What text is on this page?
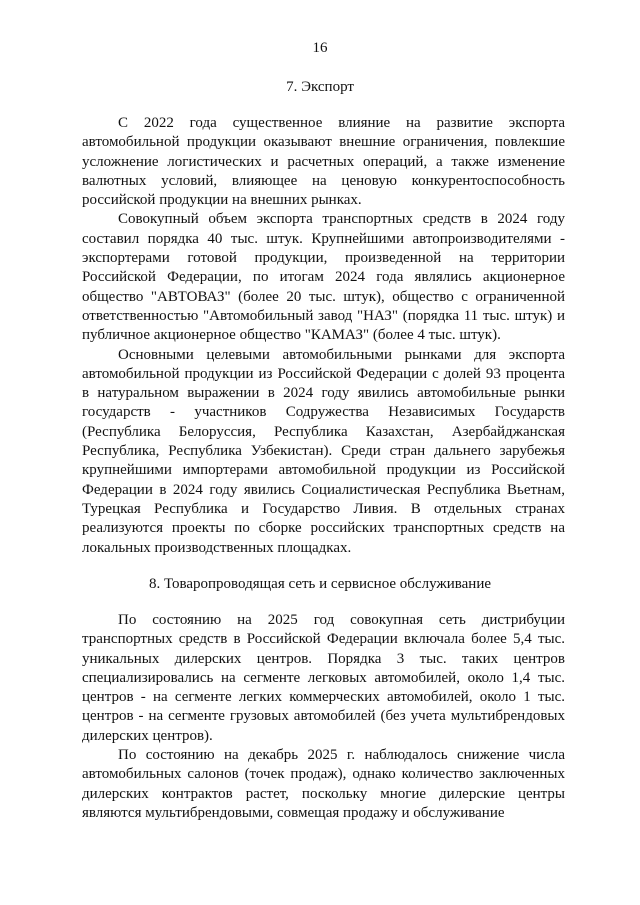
16
7. Экспорт

С 2022 года существенное влияние на развитие экспорта автомобильной продукции оказывают внешние ограничения, повлекшие усложнение логистических и расчетных операций, а также изменение валютных условий, влияющее на ценовую конкурентоспособность российской продукции на внешних рынках.

Совокупный объем экспорта транспортных средств в 2024 году составил порядка 40 тыс. штук. Крупнейшими автопроизводителями - экспортерами готовой продукции, произведенной на территории Российской Федерации, по итогам 2024 года являлись акционерное общество "АВТОВАЗ" (более 20 тыс. штук), общество с ограниченной ответственностью "Автомобильный завод "НАЗ" (порядка 11 тыс. штук) и публичное акционерное общество "КАМАЗ" (более 4 тыс. штук).

Основными целевыми автомобильными рынками для экспорта автомобильной продукции из Российской Федерации с долей 93 процента в натуральном выражении в 2024 году явились автомобильные рынки государств - участников Содружества Независимых Государств (Республика Белоруссия, Республика Казахстан, Азербайджанская Республика, Республика Узбекистан). Среди стран дальнего зарубежья крупнейшими импортерами автомобильной продукции из Российской Федерации в 2024 году явились Социалистическая Республика Вьетнам, Турецкая Республика и Государство Ливия. В отдельных странах реализуются проекты по сборке российских транспортных средств на локальных производственных площадках.

8. Товаропроводящая сеть и сервисное обслуживание

По состоянию на 2025 год совокупная сеть дистрибуции транспортных средств в Российской Федерации включала более 5,4 тыс. уникальных дилерских центров. Порядка 3 тыс. таких центров специализировались на сегменте легковых автомобилей, около 1,4 тыс. центров - на сегменте легких коммерческих автомобилей, около 1 тыс. центров - на сегменте грузовых автомобилей (без учета мультибрендовых дилерских центров).

По состоянию на декабрь 2025 г. наблюдалось снижение числа автомобильных салонов (точек продаж), однако количество заключенных дилерских контрактов растет, поскольку многие дилерские центры являются мультибрендовыми, совмещая продажу и обслуживание
